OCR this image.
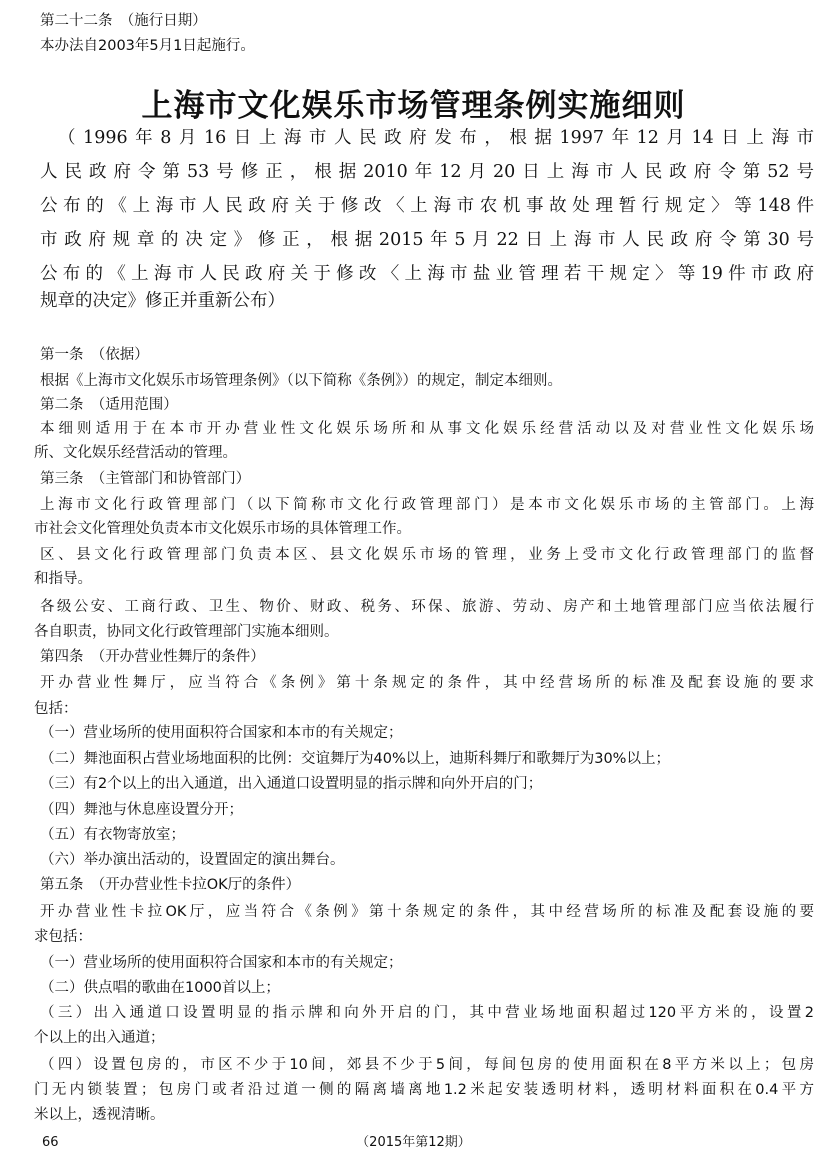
第二十二条　（施行日期）
本办法自2003年5月1日起施行。
上海市文化娱乐市场管理条例实施细则
（1996年8月16日上海市人民政府发布，根据1997年12月14日上海市
人民政府令第53号修正，根据2010年12月20日上海市人民政府令第52号
公布的《上海市人民政府关于修改〈上海市农机事故处理暂行规定〉等148件
市政府规章的决定》修正，根据2015年5月22日上海市人民政府令第30号
公布的《上海市人民政府关于修改〈上海市盐业管理若干规定〉等19件市政府
规章的决定》修正并重新公布）
第一条　（依据）
根据《上海市文化娱乐市场管理条例》（以下简称《条例》）的规定，制定本细则。
第二条　（适用范围）
本细则适用于在本市开办营业性文化娱乐场所和从事文化娱乐经营活动以及对营业性文化娱乐场
所、文化娱乐经营活动的管理。
第三条　（主管部门和协管部门）
上海市文化行政管理部门（以下简称市文化行政管理部门）是本市文化娱乐市场的主管部门。上海
市社会文化管理处负责本市文化娱乐市场的具体管理工作。
区、县文化行政管理部门负责本区、县文化娱乐市场的管理，业务上受市文化行政管理部门的监督
和指导。
各级公安、工商行政、卫生、物价、财政、税务、环保、旅游、劳动、房产和土地管理部门应当依法履行
各自职责，协同文化行政管理部门实施本细则。
第四条　（开办营业性舞厅的条件）
开办营业性舞厅，应当符合《条例》第十条规定的条件，其中经营场所的标准及配套设施的要求
包括：
（一）营业场所的使用面积符合国家和本市的有关规定；
（二）舞池面积占营业场地面积的比例：交谊舞厅为40%以上，迪斯科舞厅和歌舞厅为30%以上；
（三）有2个以上的出入通道，出入通道口设置明显的指示牌和向外开启的门；
（四）舞池与休息座设置分开；
（五）有衣物寄放室；
（六）举办演出活动的，设置固定的演出舞台。
第五条　（开办营业性卡拉OK厅的条件）
开办营业性卡拉OK厅，应当符合《条例》第十条规定的条件，其中经营场所的标准及配套设施的要
求包括：
（一）营业场所的使用面积符合国家和本市的有关规定；
（二）供点唱的歌曲在1000首以上；
（三）出入通道口设置明显的指示牌和向外开启的门，其中营业场地面积超过120平方米的，设置2
个以上的出入通道；
（四）设置包房的，市区不少于10间，郊县不少于5间，每间包房的使用面积在8平方米以上；包房
门无内锁装置；包房门或者沿过道一侧的隔离墙离地1.2米起安装透明材料，透明材料面积在0.4平方
米以上，透视清晰。
66	（2015年第12期）
